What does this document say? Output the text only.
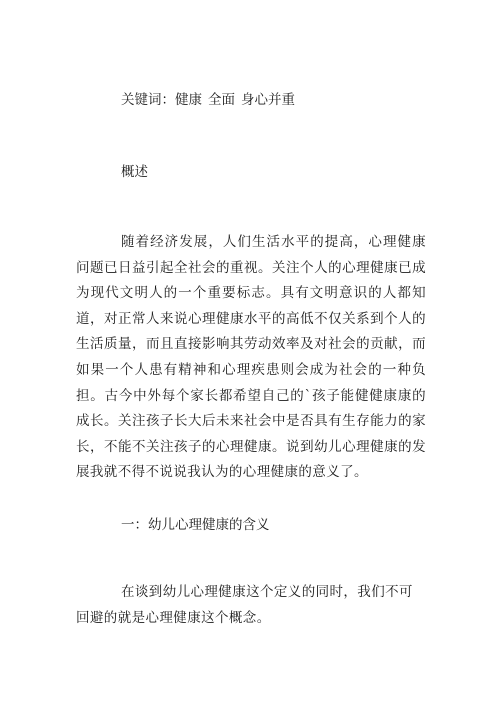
关键词：健康 全面 身心并重
概述

随着经济发展，人们生活水平的提高，心理健康问题已日益引起全社会的重视。关注个人的心理健康已成为现代文明人的一个重要标志。具有文明意识的人都知道，对正常人来说心理健康水平的高低不仅关系到个人的生活质量，而且直接影响其劳动效率及对社会的贡献，而如果一个人患有精神和心理疾患则会成为社会的一种负担。古今中外每个家长都希望自己的`孩子能健健康康的成长。关注孩子长大后未来社会中是否具有生存能力的家长，不能不关注孩子的心理健康。说到幼儿心理健康的发展我就不得不说说我认为的心理健康的意义了。

一：幼儿心理健康的含义

在谈到幼儿心理健康这个定义的同时，我们不可回避的就是心理健康这个概念。
